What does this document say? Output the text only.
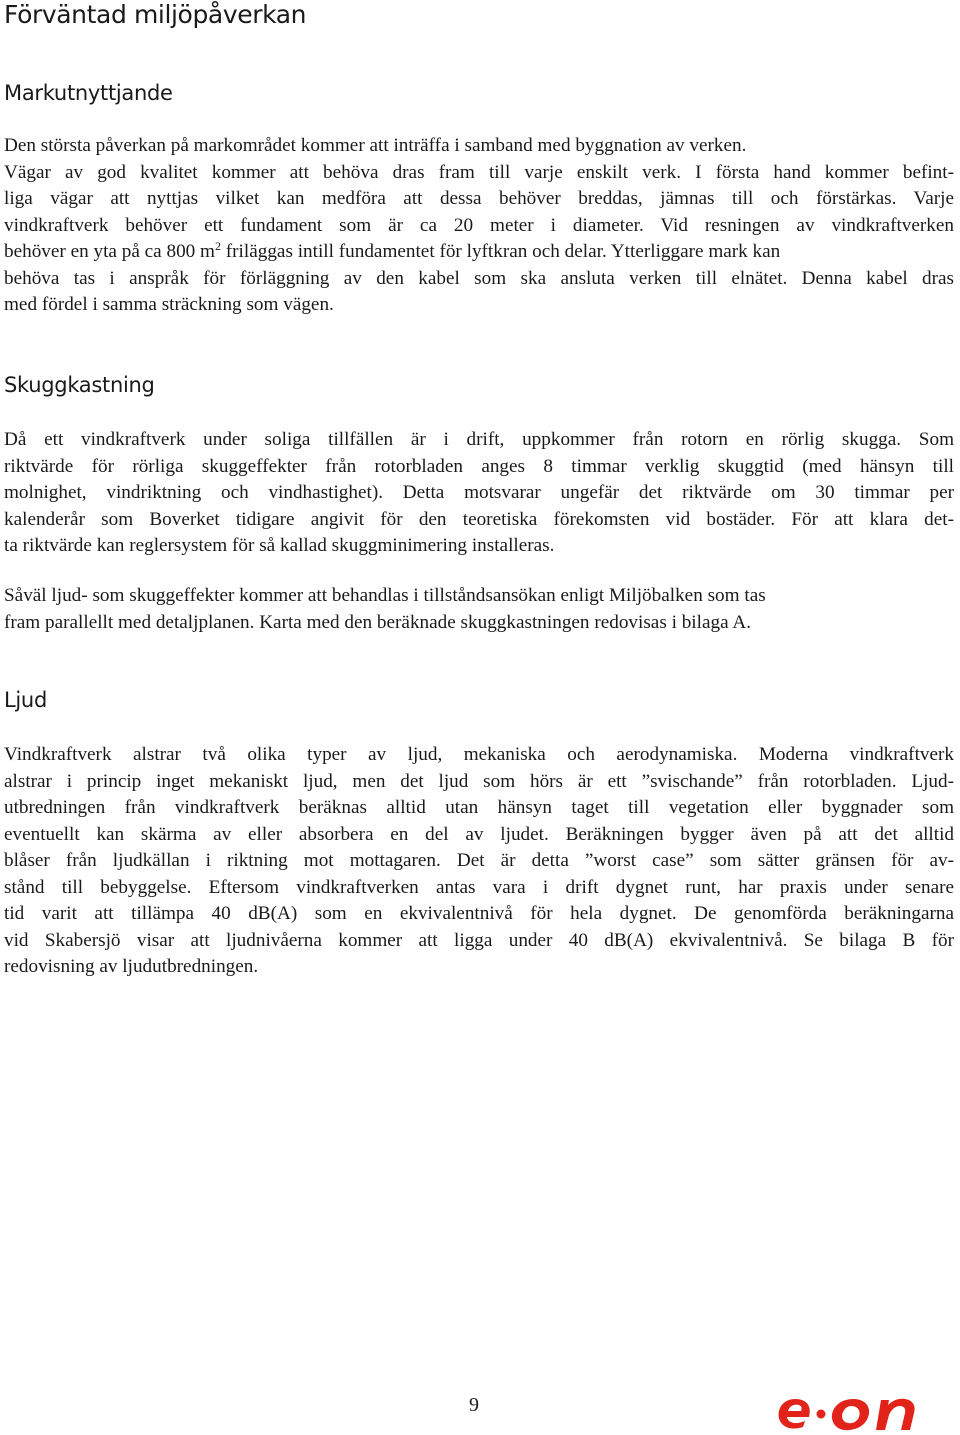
Förväntad miljöpåverkan
Markutnyttjande
Den största påverkan på markområdet kommer att inträffa i samband med byggnation av verken.
Vägar av god kvalitet kommer att behöva dras fram till varje enskilt verk. I första hand kommer befint-
liga vägar att nyttjas vilket kan medföra att dessa behöver breddas, jämnas till och förstärkas. Varje
vindkraftverk behöver ett fundament som är ca 20 meter i diameter. Vid resningen av vindkraftverken
behöver en yta på ca 800 $m^2$ friläggas intill fundamentet för lyftkran och delar. Ytterliggare mark kan
behöva tas i anspråk för förläggning av den kabel som ska ansluta verken till elnätet. Denna kabel dras
med fördel i samma sträckning som vägen.
Skuggkastning
Då ett vindkraftverk under soliga tillfällen är i drift, uppkommer från rotorn en rörlig skugga. Som
riktvärde för rörliga skuggeffekter från rotorbladen anges 8 timmar verklig skuggtid (med hänsyn till
molnighet, vindriktning och vindhastighet). Detta motsvarar ungefär det riktvärde om 30 timmar per
kalenderår som Boverket tidigare angivit för den teoretiska förekomsten vid bostäder. För att klara det-
ta riktvärde kan reglersystem för så kallad skuggminimering installeras.
Såväl ljud- som skuggeffekter kommer att behandlas i tillståndsansökan enligt Miljöbalken som tas
fram parallellt med detaljplanen. Karta med den beräknade skuggkastningen redovisas i bilaga A.
Ljud
Vindkraftverk alstrar två olika typer av ljud, mekaniska och aerodynamiska. Moderna vindkraftverk
alstrar i princip inget mekaniskt ljud, men det ljud som hörs är ett ”svischande” från rotorbladen. Ljud-
utbredningen från vindkraftverk beräknas alltid utan hänsyn taget till vegetation eller byggnader som
eventuellt kan skärma av eller absorbera en del av ljudet. Beräkningen bygger även på att det alltid
blåser från ljudkällan i riktning mot mottagaren. Det är detta ”worst case” som sätter gränsen för av-
stånd till bebyggelse. Eftersom vindkraftverken antas vara i drift dygnet runt, har praxis under senare
tid varit att tillämpa 40 dB(A) som en ekvivalentnivå för hela dygnet. De genomförda beräkningarna
vid Skabersjö visar att ljudnivåerna kommer att ligga under 40 dB(A) ekvivalentnivå. Se bilaga B för
redovisning av ljudutbredningen.
9
